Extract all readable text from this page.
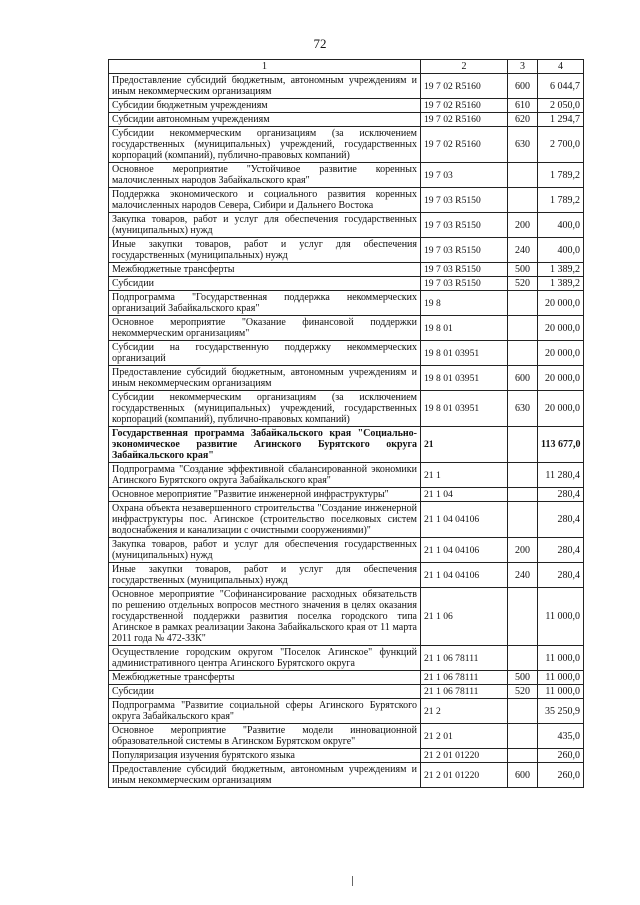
72
1	2	3	4
Предоставление субсидий бюджетным, автономным учреждениям и иным некоммерческим организациям	19 7 02 R5160	600	6 044,7
Субсидии бюджетным учреждениям	19 7 02 R5160	610	2 050,0
Субсидии автономным учреждениям	19 7 02 R5160	620	1 294,7
Субсидии некоммерческим организациям (за исключением государственных (муниципальных) учреждений, государственных корпораций (компаний), публично-правовых компаний)	19 7 02 R5160	630	2 700,0
Основное мероприятие "Устойчивое развитие коренных малочисленных народов Забайкальского края"	19 7 03		1 789,2
Поддержка экономического и социального развития коренных малочисленных народов Севера, Сибири и Дальнего Востока	19 7 03 R5150		1 789,2
Закупка товаров, работ и услуг для обеспечения государственных (муниципальных) нужд	19 7 03 R5150	200	400,0
Иные закупки товаров, работ и услуг для обеспечения государственных (муниципальных) нужд	19 7 03 R5150	240	400,0
Межбюджетные трансферты	19 7 03 R5150	500	1 389,2
Субсидии	19 7 03 R5150	520	1 389,2
Подпрограмма "Государственная поддержка некоммерческих организаций Забайкальского края"	19 8		20 000,0
Основное мероприятие "Оказание финансовой поддержки некоммерческим организациям"	19 8 01		20 000,0
Субсидии на государственную поддержку некоммерческих организаций	19 8 01 03951		20 000,0
Предоставление субсидий бюджетным, автономным учреждениям и иным некоммерческим организациям	19 8 01 03951	600	20 000,0
Субсидии некоммерческим организациям (за исключением государственных (муниципальных) учреждений, государственных корпораций (компаний), публично-правовых компаний)	19 8 01 03951	630	20 000,0
Государственная программа Забайкальского края "Социально-экономическое развитие Агинского Бурятского округа Забайкальского края"	21		113 677,0
Подпрограмма "Создание эффективной сбалансированной экономики Агинского Бурятского округа Забайкальского края"	21 1		11 280,4
Основное мероприятие "Развитие инженерной инфраструктуры"	21 1 04		280,4
Охрана объекта незавершенного строительства "Создание инженерной инфраструктуры пос. Агинское (строительство поселковых систем водоснабжения и канализации с очистными сооружениями)"	21 1 04 04106		280,4
Закупка товаров, работ и услуг для обеспечения государственных (муниципальных) нужд	21 1 04 04106	200	280,4
Иные закупки товаров, работ и услуг для обеспечения государственных (муниципальных) нужд	21 1 04 04106	240	280,4
Основное мероприятие "Софинансирование расходных обязательств по решению отдельных вопросов местного значения в целях оказания государственной поддержки развития поселка городского типа Агинское в рамках реализации Закона Забайкальского края от 11 марта 2011 года № 472-ЗЗК"	21 1 06		11 000,0
Осуществление городским округом "Поселок Агинское" функций административного центра Агинского Бурятского округа	21 1 06 78111		11 000,0
Межбюджетные трансферты	21 1 06 78111	500	11 000,0
Субсидии	21 1 06 78111	520	11 000,0
Подпрограмма "Развитие социальной сферы Агинского Бурятского округа Забайкальского края"	21 2		35 250,9
Основное мероприятие "Развитие модели инновационной образовательной системы в Агинском Бурятском округе"	21 2 01		435,0
Популяризация изучения бурятского языка	21 2 01 01220		260,0
Предоставление субсидий бюджетным, автономным учреждениям и иным некоммерческим организациям	21 2 01 01220	600	260,0
